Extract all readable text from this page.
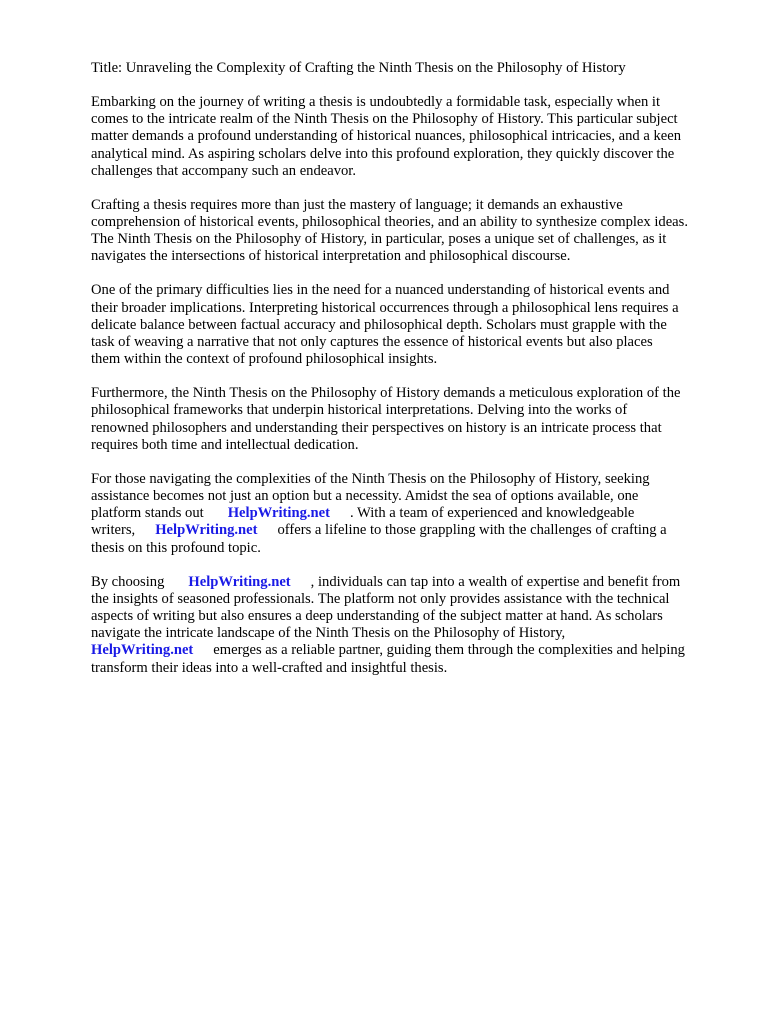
Title: Unraveling the Complexity of Crafting the Ninth Thesis on the Philosophy of History

Embarking on the journey of writing a thesis is undoubtedly a formidable task, especially when it
comes to the intricate realm of the Ninth Thesis on the Philosophy of History. This particular subject
matter demands a profound understanding of historical nuances, philosophical intricacies, and a keen
analytical mind. As aspiring scholars delve into this profound exploration, they quickly discover the
challenges that accompany such an endeavor.

Crafting a thesis requires more than just the mastery of language; it demands an exhaustive
comprehension of historical events, philosophical theories, and an ability to synthesize complex ideas.
The Ninth Thesis on the Philosophy of History, in particular, poses a unique set of challenges, as it
navigates the intersections of historical interpretation and philosophical discourse.

One of the primary difficulties lies in the need for a nuanced understanding of historical events and
their broader implications. Interpreting historical occurrences through a philosophical lens requires a
delicate balance between factual accuracy and philosophical depth. Scholars must grapple with the
task of weaving a narrative that not only captures the essence of historical events but also places
them within the context of profound philosophical insights.

Furthermore, the Ninth Thesis on the Philosophy of History demands a meticulous exploration of the
philosophical frameworks that underpin historical interpretations. Delving into the works of
renowned philosophers and understanding their perspectives on history is an intricate process that
requires both time and intellectual dedication.

For those navigating the complexities of the Ninth Thesis on the Philosophy of History, seeking
assistance becomes not just an option but a necessity. Amidst the sea of options available, one
platform stands out HelpWriting.net . With a team of experienced and knowledgeable
writers, HelpWriting.net offers a lifeline to those grappling with the challenges of crafting a
thesis on this profound topic.

By choosing HelpWriting.net , individuals can tap into a wealth of expertise and benefit from
the insights of seasoned professionals. The platform not only provides assistance with the technical
aspects of writing but also ensures a deep understanding of the subject matter at hand. As scholars
navigate the intricate landscape of the Ninth Thesis on the Philosophy of History,
HelpWriting.net emerges as a reliable partner, guiding them through the complexities and helping
transform their ideas into a well-crafted and insightful thesis.
